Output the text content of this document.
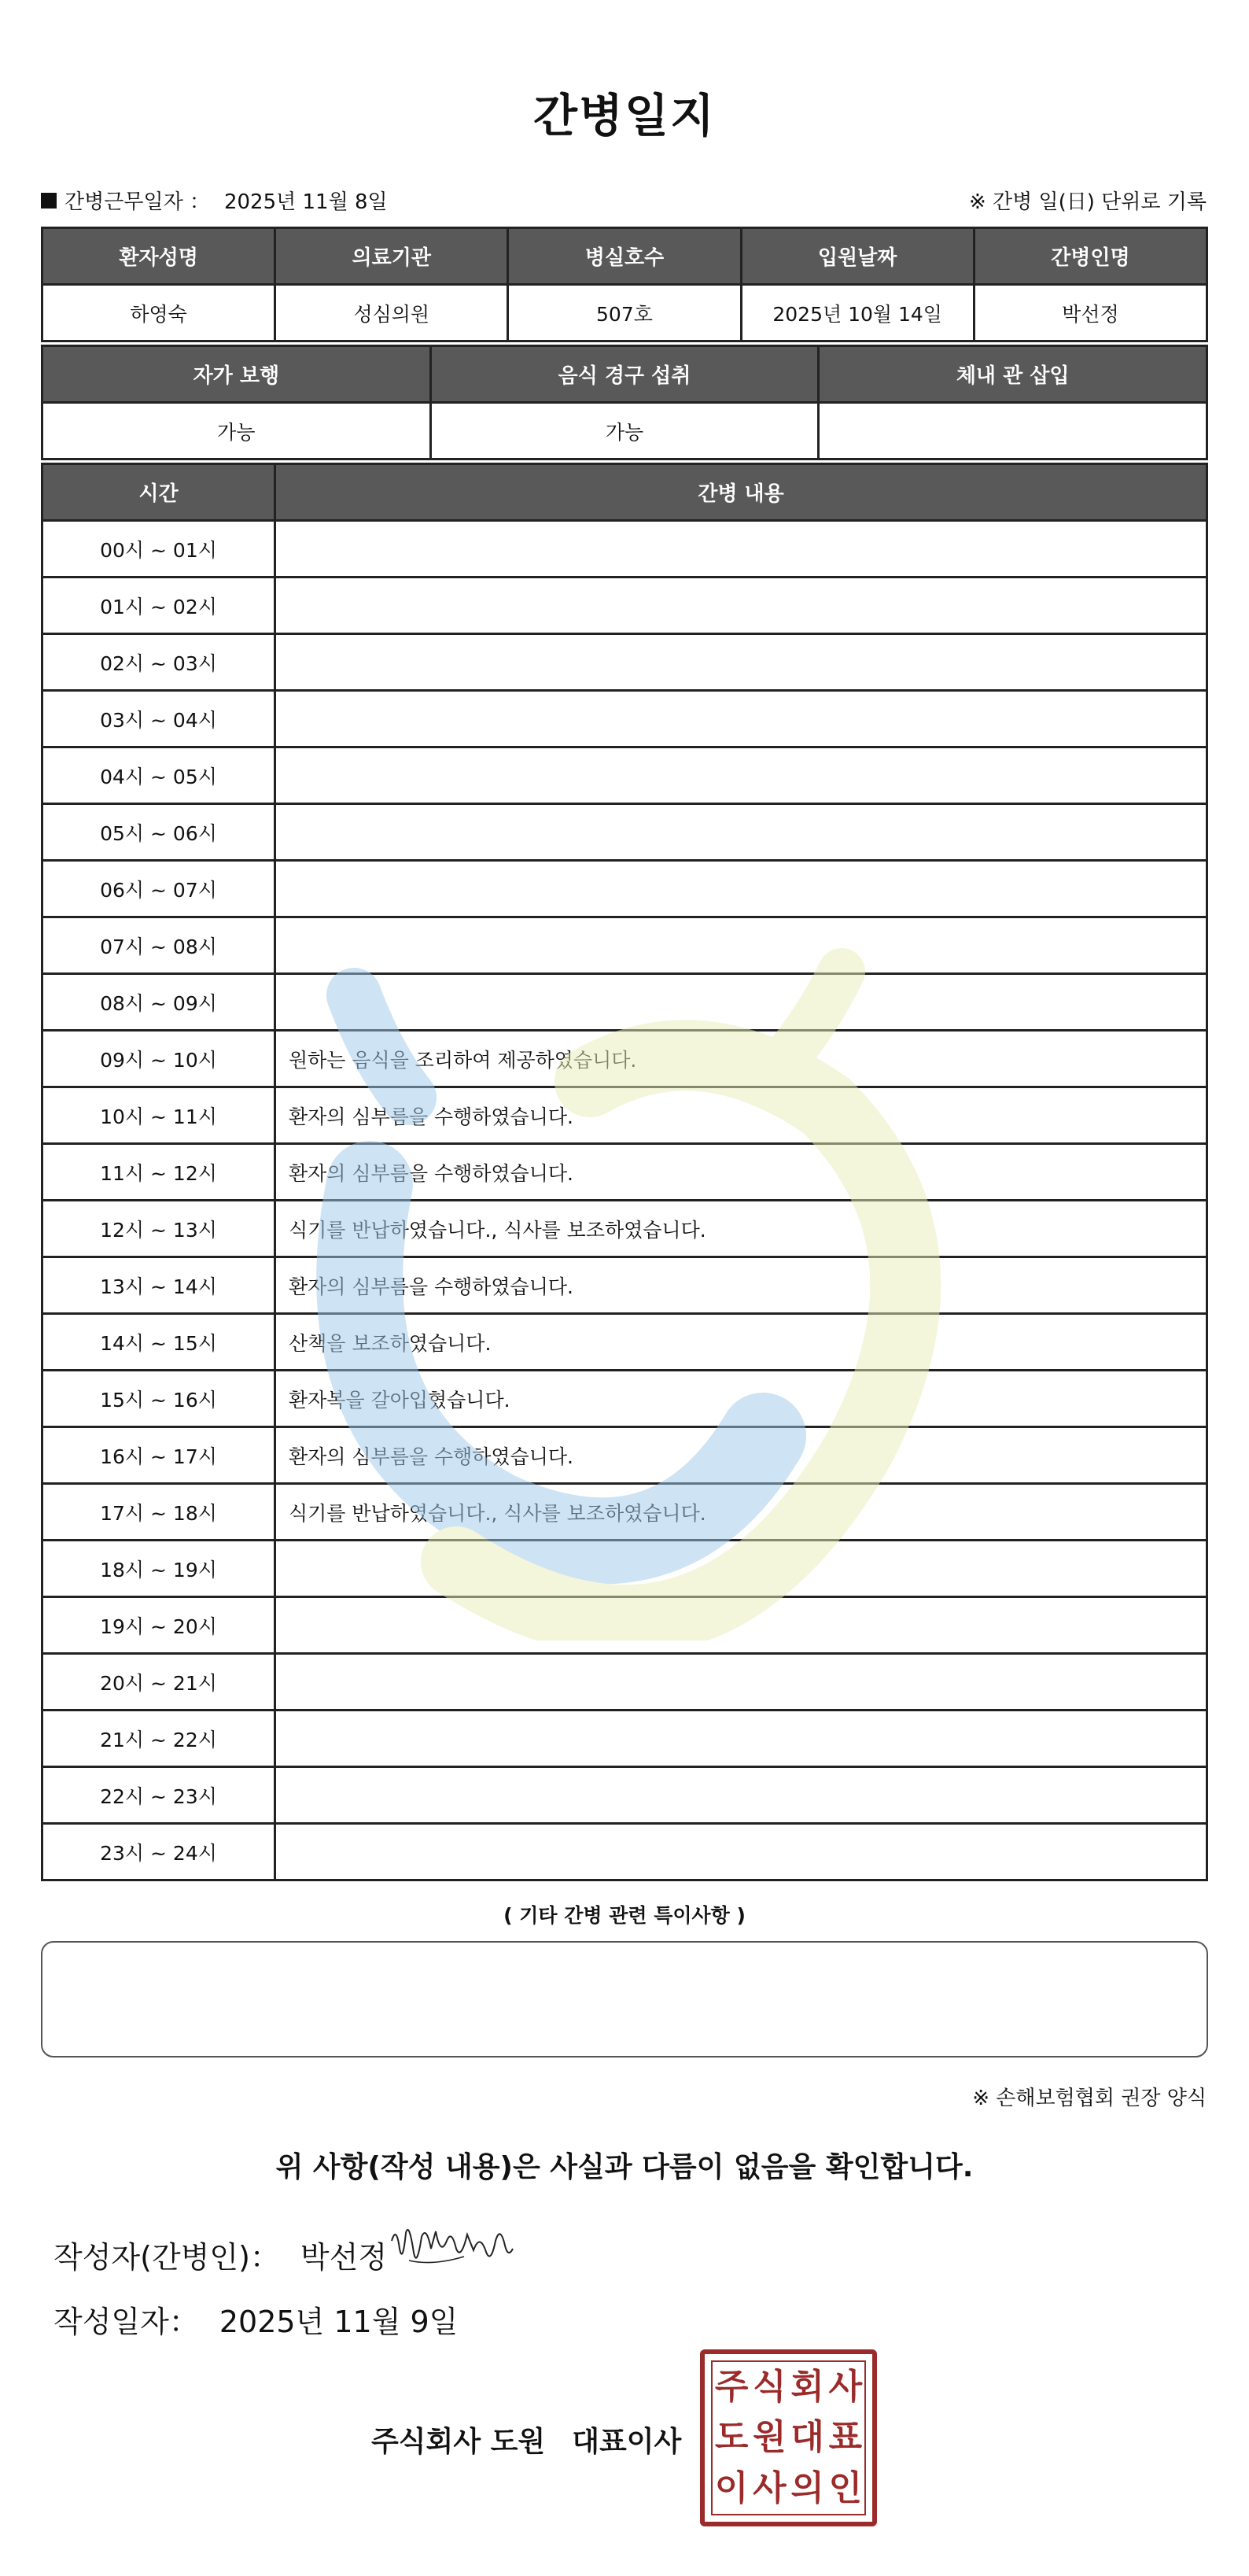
간병일지
간병근무일자 ： 2025년 11월 8일	※ 간병 일(日) 단위로 기록
환자성명	의료기관	병실호수	입원날짜	간병인명
하영숙	성심의원	507호	2025년 10월 14일	박선정
자가 보행	음식 경구 섭취	체내 관 삽입
가능	가능	
시간	간병 내용
00시 ~ 01시	
01시 ~ 02시	
02시 ~ 03시	
03시 ~ 04시	
04시 ~ 05시	
05시 ~ 06시	
06시 ~ 07시	
07시 ~ 08시	
08시 ~ 09시	
09시 ~ 10시	원하는 음식을 조리하여 제공하였습니다.
10시 ~ 11시	환자의 심부름을 수행하였습니다.
11시 ~ 12시	환자의 심부름을 수행하였습니다.
12시 ~ 13시	식기를 반납하였습니다., 식사를 보조하였습니다.
13시 ~ 14시	환자의 심부름을 수행하였습니다.
14시 ~ 15시	산책을 보조하였습니다.
15시 ~ 16시	환자복을 갈아입혔습니다.
16시 ~ 17시	환자의 심부름을 수행하였습니다.
17시 ~ 18시	식기를 반납하였습니다., 식사를 보조하였습니다.
18시 ~ 19시	
19시 ~ 20시	
20시 ~ 21시	
21시 ~ 22시	
22시 ~ 23시	
23시 ~ 24시	
( 기타 간병 관련 특이사항 )
※ 손해보험협회 권장 양식
위 사항(작성 내용)은 사실과 다름이 없음을 확인합니다.
작성자(간병인)： 박선정
작성일자： 2025년 11월 9일
주식회사 도원 대표이사
주 식 회 사
도 원 대 표
이 사 의 인
